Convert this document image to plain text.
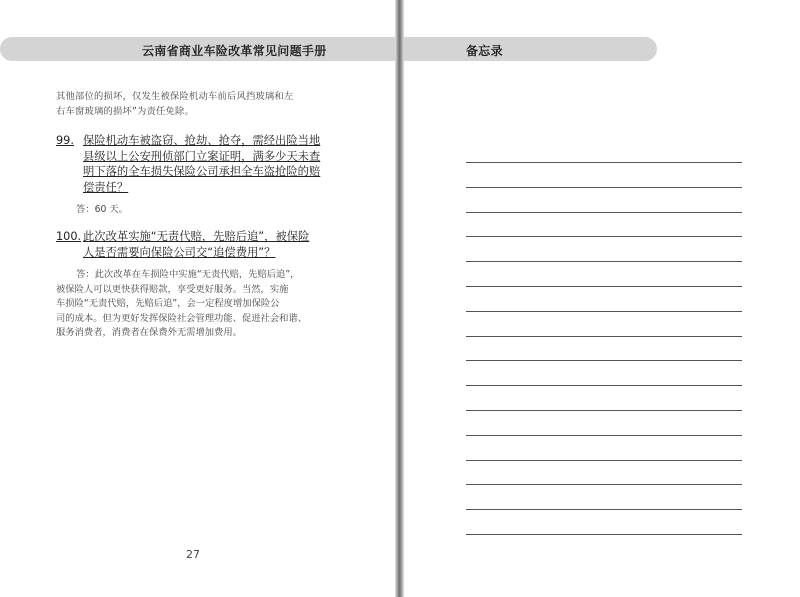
云南省商业车险改革常见问题手册	备忘录
其他部位的损坏，仅发生被保险机动车前后风挡玻璃和左
右车窗玻璃的损坏”为责任免除。
99. 保险机动车被盗窃、抢劫、抢夺，需经出险当地
县级以上公安刑侦部门立案证明，满多少天未查
明下落的全车损失保险公司承担全车盗抢险的赔
偿责任？
答：60 天。
100. 此次改革实施“无责代赔，先赔后追”，被保险
人是否需要向保险公司交“追偿费用”？
答：此次改革在车损险中实施“无责代赔，先赔后追”，
被保险人可以更快获得赔款，享受更好服务。当然，实施
车损险“无责代赔，先赔后追”，会一定程度增加保险公
司的成本。但为更好发挥保险社会管理功能、促进社会和谐、
服务消费者，消费者在保费外无需增加费用。
27
